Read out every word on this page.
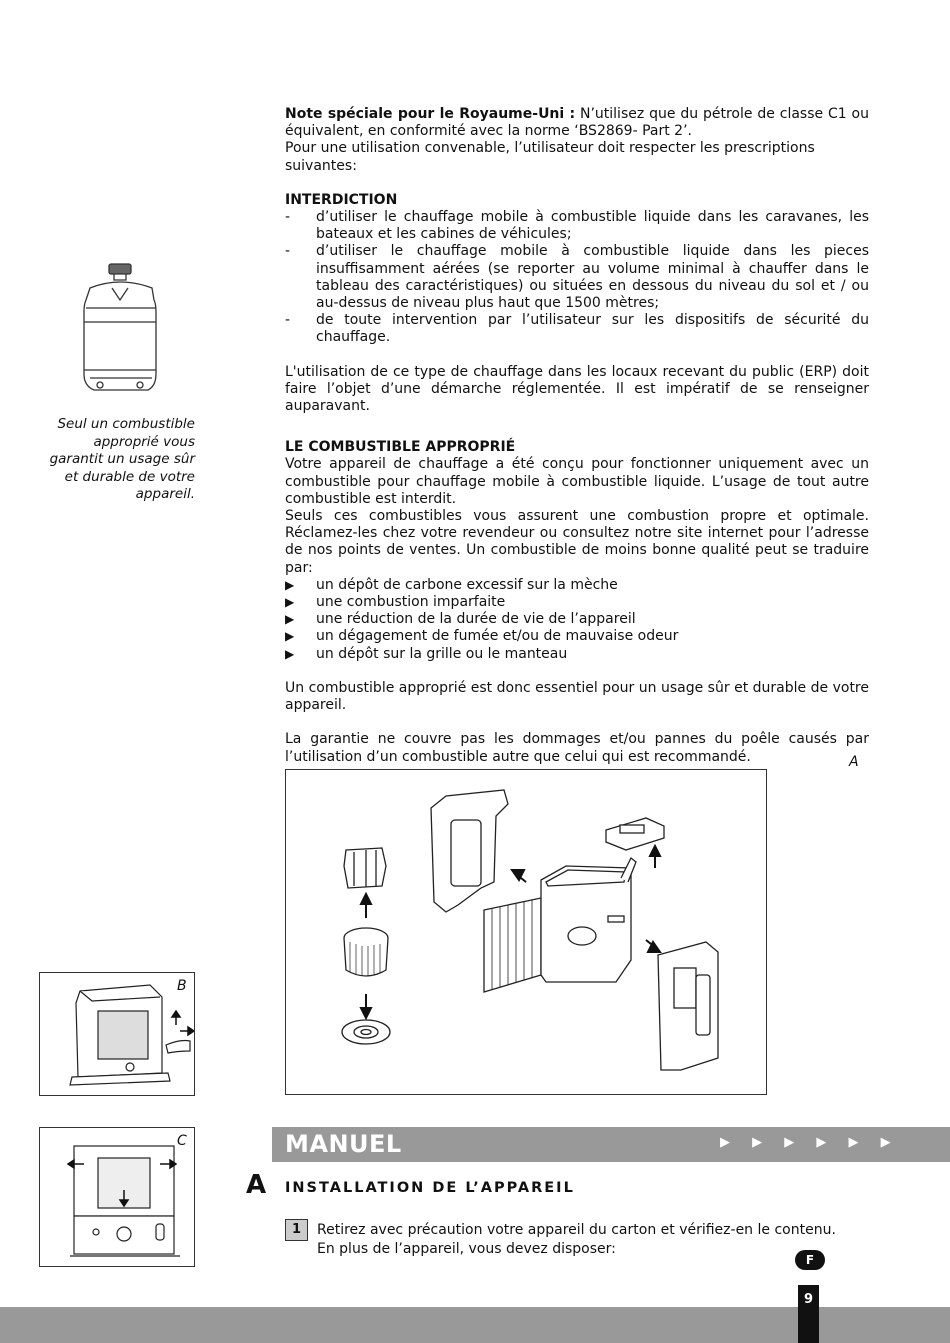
Note spéciale pour le Royaume-Uni : N’utilisez que du pétrole de classe C1 ou équivalent, en conformité avec la norme ‘BS2869- Part 2’.

Pour une utilisation convenable, l’utilisateur doit respecter les prescriptions suivantes:

INTERDICTION

-	d’utiliser le chauffage mobile à combustible liquide dans les caravanes, les bateaux et les cabines de véhicules;
-	d’utiliser le chauffage mobile à combustible liquide dans les pieces insuffisamment aérées (se reporter au volume minimal à chauffer dans le tableau des caractéristiques) ou situées en dessous du niveau du sol et / ou au-dessus de niveau plus haut que 1500 mètres;
-	de toute intervention par l’utilisateur sur les dispositifs de sécurité du chauffage.

L'utilisation de ce type de chauffage dans les locaux recevant du public (ERP) doit faire l’objet d’une démarche réglementée. Il est impératif de se renseigner auparavant.

LE COMBUSTIBLE APPROPRIÉ

Votre appareil de chauffage a été conçu pour fonctionner uniquement avec un combustible pour chauffage mobile à combustible liquide. L’usage de tout autre combustible est interdit.

Seuls ces combustibles vous assurent une combustion propre et optimale. Réclamez-les chez votre revendeur ou consultez notre site internet pour l’adresse de nos points de ventes. Un combustible de moins bonne qualité peut se traduire par:

▶	un dépôt de carbone excessif sur la mèche
▶	une combustion imparfaite
▶	une réduction de la durée de vie de l’appareil
▶	un dégagement de fumée et/ou de mauvaise odeur
▶	un dépôt sur la grille ou le manteau

Un combustible approprié est donc essentiel pour un usage sûr et durable de votre appareil.

La garantie ne couvre pas les dommages et/ou pannes du poêle causés par l’utilisation d’un combustible autre que celui qui est recommandé.

Seul un combustible approprié vous garantit un usage sûr et durable de votre appareil.
A
B
C	MANUEL	▶ ▶ ▶ ▶ ▶ ▶
A INSTALLATION DE L’APPAREIL
1	Retirez avec précaution votre appareil du carton et vérifiez-en le contenu.
En plus de l’appareil, vous devez disposer:
F
9
